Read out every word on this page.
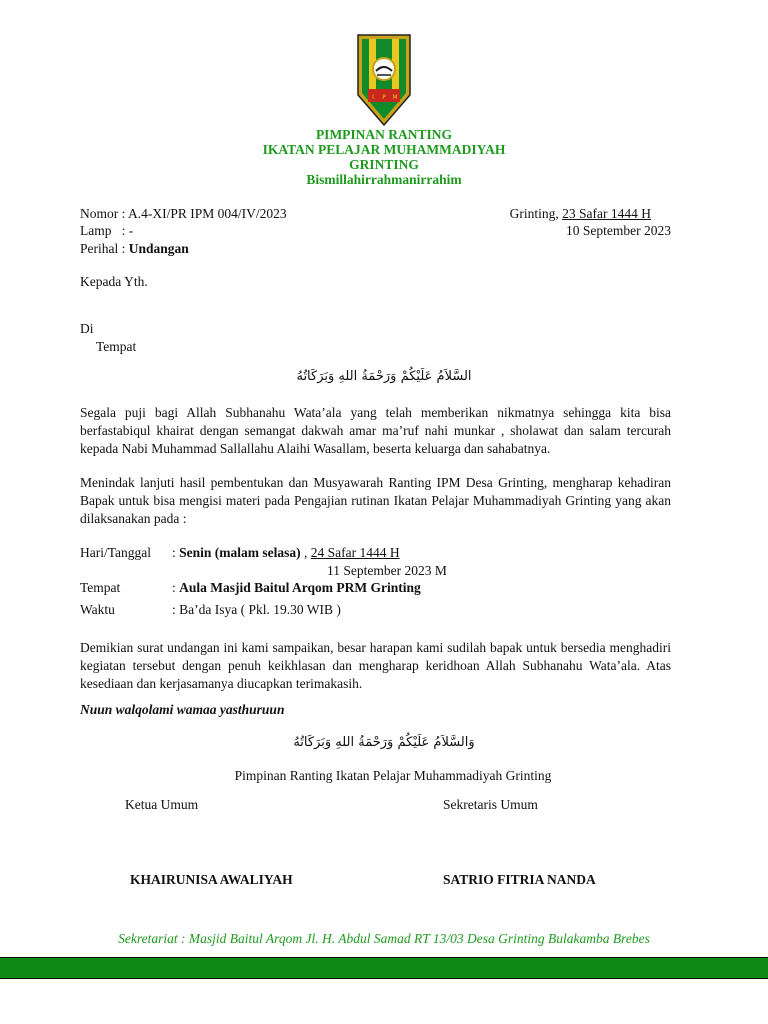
I P M
PIMPINAN RANTING
IKATAN PELAJAR MUHAMMADIYAH
GRINTING
Bismillahirrahmanirrahim
Nomor : A.4-XI/PR IPM 004/IV/2023
Lamp : -
Perihal : Undangan
Grinting, 23 Safar 1444 H
10 September 2023
Kepada Yth.
Di
Tempat
السَّلاَمُ عَلَيْكُمْ وَرَحْمَةُ اللهِ وَبَرَكَاتُهُ
Segala puji bagi Allah Subhanahu Wata’ala yang telah memberikan nikmatnya sehingga kita bisa berfastabiqul khairat dengan semangat dakwah amar ma’ruf nahi munkar , sholawat dan salam tercurah kepada Nabi Muhammad Sallallahu Alaihi Wasallam, beserta keluarga dan sahabatnya.
Menindak lanjuti hasil pembentukan dan Musyawarah Ranting IPM Desa Grinting, mengharap kehadiran Bapak untuk bisa mengisi materi pada Pengajian rutinan Ikatan Pelajar Muhammadiyah Grinting yang akan dilaksanakan pada :
Hari/Tanggal : Senin (malam selasa) , 24 Safar 1444 H
11 September 2023 M
Tempat	: Aula Masjid Baitul Arqom PRM Grinting
Waktu	: Ba’da Isya ( Pkl. 19.30 WIB )
Demikian surat undangan ini kami sampaikan, besar harapan kami sudilah bapak untuk bersedia menghadiri kegiatan tersebut dengan penuh keikhlasan dan mengharap keridhoan Allah Subhanahu Wata’ala. Atas kesediaan dan kerjasamanya diucapkan terimakasih.
Nuun walqolami wamaa yasthuruun
وَالسَّلاَمُ عَلَيْكُمْ وَرَحْمَةُ اللهِ وَبَرَكَاتُهُ
Pimpinan Ranting Ikatan Pelajar Muhammadiyah Grinting
Ketua Umum	Sekretaris Umum
KHAIRUNISA AWALIYAH	SATRIO FITRIA NANDA
Sekretariat : Masjid Baitul Arqom Jl. H. Abdul Samad RT 13/03 Desa Grinting Bulakamba Brebes
